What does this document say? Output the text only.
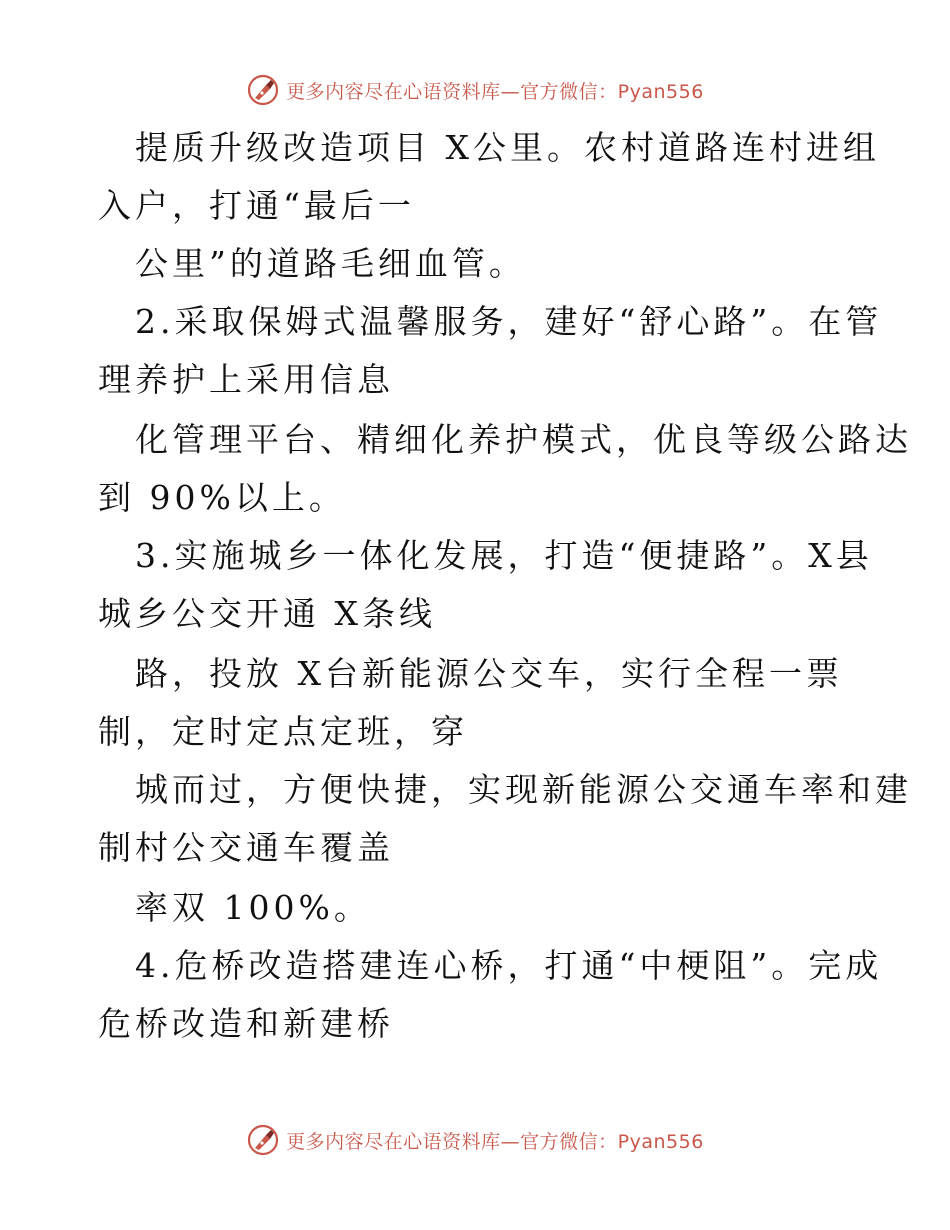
更多内容尽在心语资料库—官方微信：Pyan556
提质升级改造项目 X公里。农村道路连村进组
入户，打通“最后一
公里”的道路毛细血管。
2.采取保姆式温馨服务，建好“舒心路”。在管
理养护上采用信息
化管理平台、精细化养护模式，优良等级公路达
到 90%以上。
3.实施城乡一体化发展，打造“便捷路”。X县
城乡公交开通 X条线
路，投放 X台新能源公交车，实行全程一票
制，定时定点定班，穿
城而过，方便快捷，实现新能源公交通车率和建
制村公交通车覆盖
率双 100%。
4.危桥改造搭建连心桥，打通“中梗阻”。完成
危桥改造和新建桥
更多内容尽在心语资料库—官方微信：Pyan556
